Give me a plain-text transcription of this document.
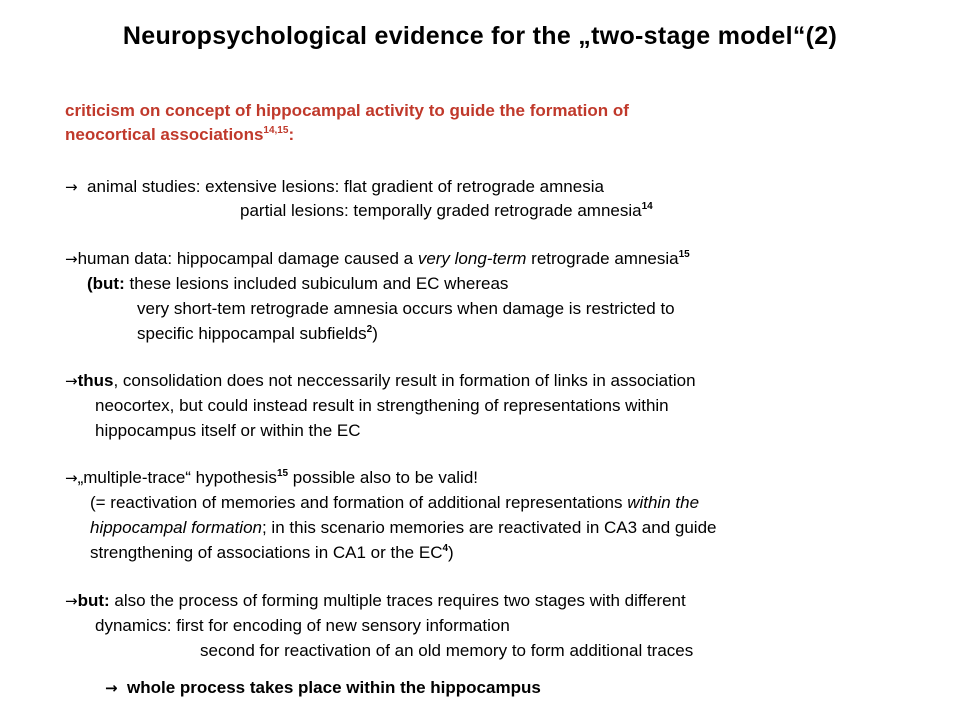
Neuropsychological evidence for the „two-stage model“(2)
criticism on concept of hippocampal activity to guide the formation of
neocortical associations$^{14,15}$:
→ animal studies: extensive lesions: flat gradient of retrograde amnesia
partial lesions: temporally graded retrograde amnesia$^{14}$
→human data: hippocampal damage caused a very long-term retrograde amnesia$^{15}$
(but: these lesions included subiculum and EC whereas
very short-tem retrograde amnesia occurs when damage is restricted to
specific hippocampal subfields$^2$)
→thus, consolidation does not neccessarily result in formation of links in association
neocortex, but could instead result in strengthening of representations within
hippocampus itself or within the EC
→„multiple-trace“ hypothesis$^{15}$ possible also to be valid!
(= reactivation of memories and formation of additional representations within the
hippocampal formation; in this scenario memories are reactivated in CA3 and guide
strengthening of associations in CA1 or the $EC^4$)
→but: also the process of forming multiple traces requires two stages with different
dynamics: first for encoding of new sensory information
second for reactivation of an old memory to form additional traces
→ whole process takes place within the hippocampus
